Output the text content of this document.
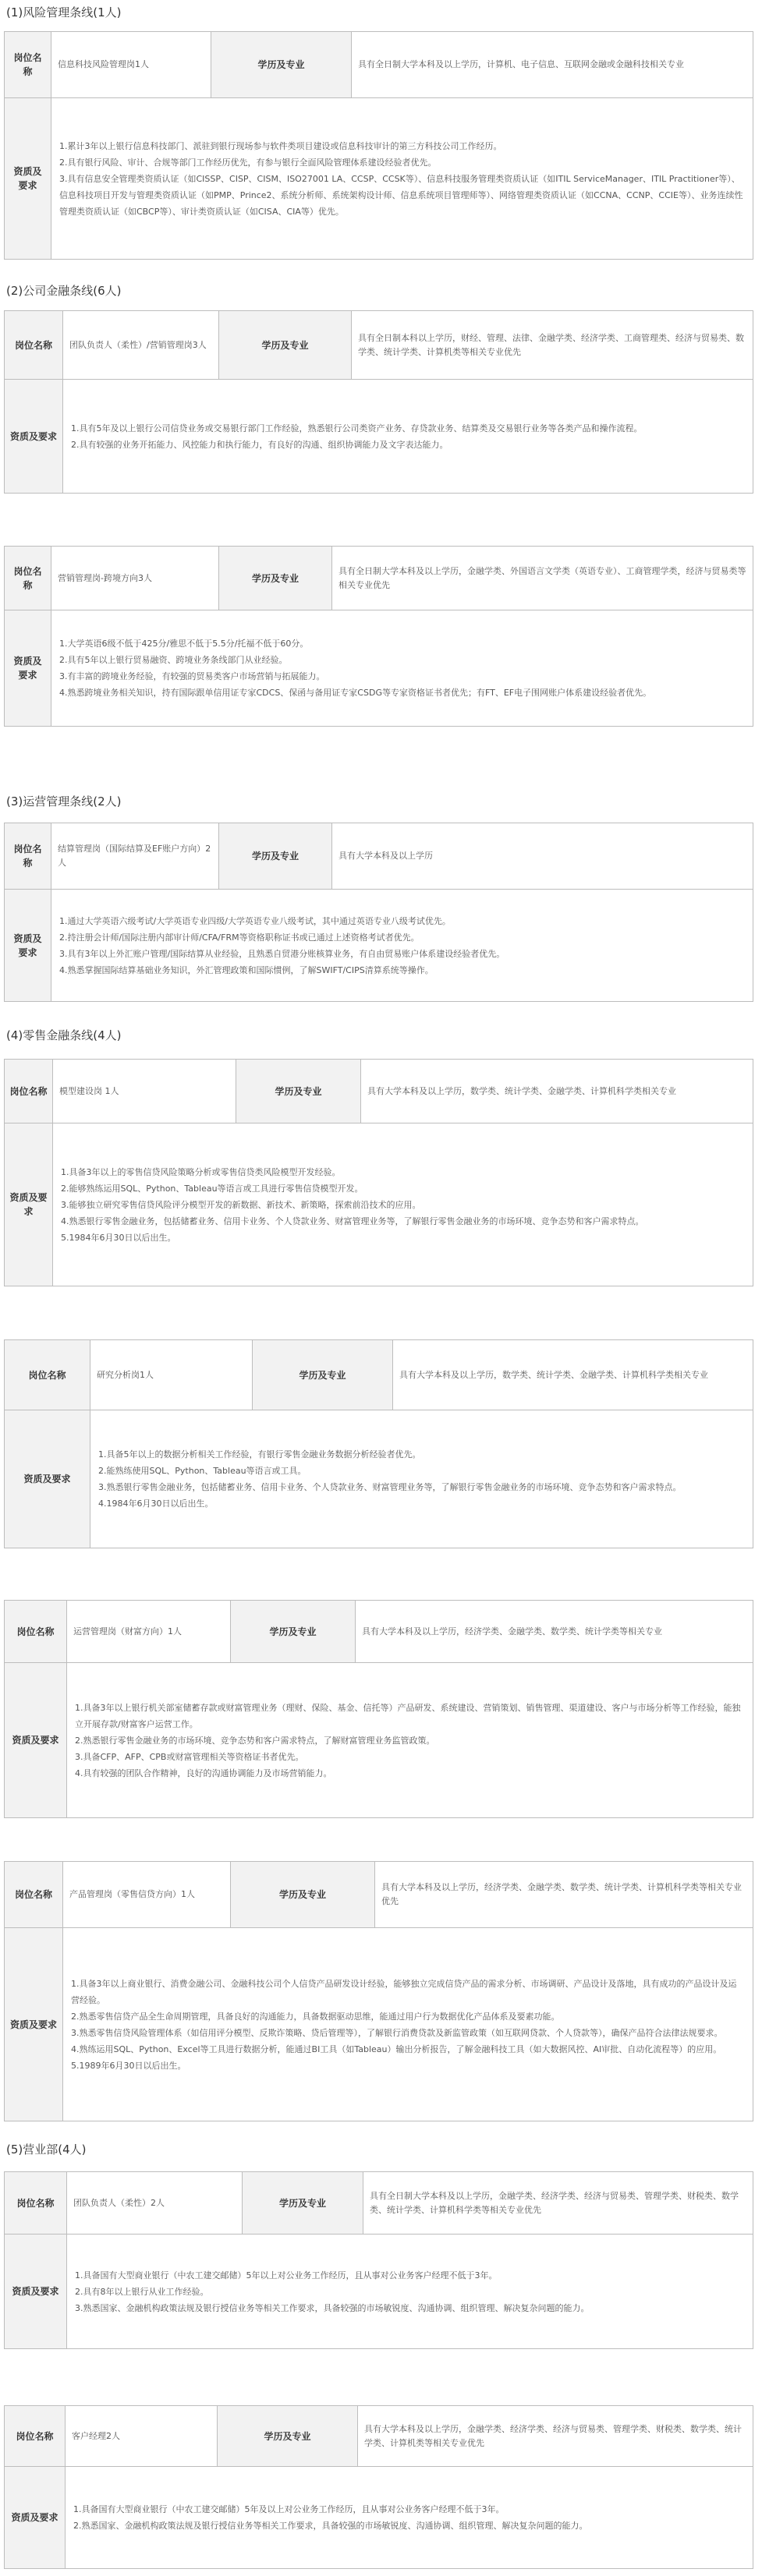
(1)风险管理条线(1人)
(2)公司金融条线(6人)
(3)运营管理条线(2人)
(4)零售金融条线(4人)
(5)营业部(4人)
岗位名称	信息科技风险管理岗1人	学历及专业	具有全日制大学本科及以上学历，计算机、电子信息、互联网金融或金融科技相关专业
资质及要求	1.累计3年以上银行信息科技部门、派驻到银行现场参与软件类项目建设或信息科技审计的第三方科技公司工作经历。

2.具有银行风险、审计、合规等部门工作经历优先，有参与银行全面风险管理体系建设经验者优先。

3.具有信息安全管理类资质认证（如CISSP、CISP、CISM、ISO27001 LA、CCSP、CCSK等）、信息科技服务管理类资质认证（如ITIL ServiceManager、ITIL Practitioner等）、信息科技项目开发与管理类资质认证（如PMP、Prince2、系统分析师、系统架构设计师、信息系统项目管理师等）、网络管理类资质认证（如CCNA、CCNP、CCIE等）、业务连续性管理类资质认证（如CBCP等）、审计类资质认证（如CISA、CIA等）优先。		

岗位名称	团队负责人（柔性）/营销管理岗3人	学历及专业	具有全日制本科以上学历，财经、管理、法律、金融学类、经济学类、工商管理类、经济与贸易类、数学类、统计学类、计算机类等相关专业优先
资质及要求	1.具有5年及以上银行公司信贷业务或交易银行部门工作经验，熟悉银行公司类资产业务、存贷款业务、结算类及交易银行业务等各类产品和操作流程。

2.具有较强的业务开拓能力、风控能力和执行能力，有良好的沟通、组织协调能力及文字表达能力。		

岗位名称	营销管理岗-跨境方向3人	学历及专业	具有全日制大学本科及以上学历，金融学类、外国语言文学类（英语专业）、工商管理学类，经济与贸易类等相关专业优先
资质及要求	1.大学英语6级不低于425分/雅思不低于5.5分/托福不低于60分。

2.具有5年以上银行贸易融资、跨境业务条线部门从业经验。

3.有丰富的跨境业务经验，有较强的贸易类客户市场营销与拓展能力。

4.熟悉跨境业务相关知识，持有国际跟单信用证专家CDCS、保函与备用证专家CSDG等专家资格证书者优先；有FT、EF电子围网账户体系建设经验者优先。		

岗位名称	结算管理岗（国际结算及EF账户方向）2人	学历及专业	具有大学本科及以上学历
资质及要求	1.通过大学英语六级考试/大学英语专业四级/大学英语专业八级考试，其中通过英语专业八级考试优先。

2.持注册会计师/国际注册内部审计师/CFA/FRM等资格职称证书或已通过上述资格考试者优先。

3.具有3年以上外汇账户管理/国际结算从业经验，且熟悉自贸港分账核算业务，有自由贸易账户体系建设经验者优先。

4.熟悉掌握国际结算基础业务知识，外汇管理政策和国际惯例，了解SWIFT/CIPS清算系统等操作。		

岗位名称	模型建设岗 1人	学历及专业	具有大学本科及以上学历，数学类、统计学类、金融学类、计算机科学类相关专业
资质及要求	1.具备3年以上的零售信贷风险策略分析或零售信贷类风险模型开发经验。

2.能够熟练运用SQL、Python、Tableau等语言或工具进行零售信贷模型开发。

3.能够独立研究零售信贷风险评分模型开发的新数据、新技术、新策略，探索前沿技术的应用。

4.熟悉银行零售金融业务，包括储蓄业务、信用卡业务、个人贷款业务、财富管理业务等，了解银行零售金融业务的市场环境、竞争态势和客户需求特点。

5.1984年6月30日以后出生。		

岗位名称	研究分析岗1人	学历及专业	具有大学本科及以上学历，数学类、统计学类、金融学类、计算机科学类相关专业
资质及要求	1.具备5年以上的数据分析相关工作经验，有银行零售金融业务数据分析经验者优先。

2.能熟练使用SQL、Python、Tableau等语言或工具。

3.熟悉银行零售金融业务，包括储蓄业务、信用卡业务、个人贷款业务、财富管理业务等，了解银行零售金融业务的市场环境、竞争态势和客户需求特点。

4.1984年6月30日以后出生。		

岗位名称	运营管理岗（财富方向）1人	学历及专业	具有大学本科及以上学历，经济学类、金融学类、数学类、统计学类等相关专业
资质及要求	1.具备3年以上银行机关部室储蓄存款或财富管理业务（理财、保险、基金、信托等）产品研发、系统建设、营销策划、销售管理、渠道建设、客户与市场分析等工作经验，能独立开展存款/财富客户运营工作。

2.熟悉银行零售金融业务的市场环境、竞争态势和客户需求特点，了解财富管理业务监管政策。

3.具备CFP、AFP、CPB或财富管理相关等资格证书者优先。

4.具有较强的团队合作精神，良好的沟通协调能力及市场营销能力。		

岗位名称	产品管理岗（零售信贷方向）1人	学历及专业	具有大学本科及以上学历，经济学类、金融学类、数学类、统计学类、计算机科学类等相关专业优先
资质及要求	1.具备3年以上商业银行、消费金融公司、金融科技公司个人信贷产品研发设计经验，能够独立完成信贷产品的需求分析、市场调研、产品设计及落地，具有成功的产品设计及运营经验。

2.熟悉零售信贷产品全生命周期管理，具备良好的沟通能力，具备数据驱动思维，能通过用户行为数据优化产品体系及要素功能。

3.熟悉零售信贷风险管理体系（如信用评分模型、反欺诈策略、贷后管理等），了解银行消费贷款及新监管政策（如互联网贷款、个人贷款等），确保产品符合法律法规要求。

4.熟练运用SQL、Python、Excel等工具进行数据分析，能通过BI工具（如Tableau）输出分析报告，了解金融科技工具（如大数据风控、AI审批、自动化流程等）的应用。

5.1989年6月30日以后出生。		

岗位名称	团队负责人（柔性）2人	学历及专业	具有全日制大学本科及以上学历，金融学类、经济学类、经济与贸易类、管理学类、财税类、数学类、统计学类、计算机科学类等相关专业优先
资质及要求	1.具备国有大型商业银行（中农工建交邮储）5年以上对公业务工作经历，且从事对公业务客户经理不低于3年。

2.具有8年以上银行从业工作经验。

3.熟悉国家、金融机构政策法规及银行授信业务等相关工作要求，具备较强的市场敏锐度、沟通协调、组织管理、解决复杂问题的能力。		

岗位名称	客户经理2人	学历及专业	具有大学本科及以上学历，金融学类、经济学类、经济与贸易类、管理学类、财税类、数学类、统计学类、计算机类等相关专业优先
资质及要求	1.具备国有大型商业银行（中农工建交邮储）5年及以上对公业务工作经历，且从事对公业务客户经理不低于3年。

2.熟悉国家、金融机构政策法规及银行授信业务等相关工作要求，具备较强的市场敏锐度、沟通协调、组织管理、解决复杂问题的能力。		
